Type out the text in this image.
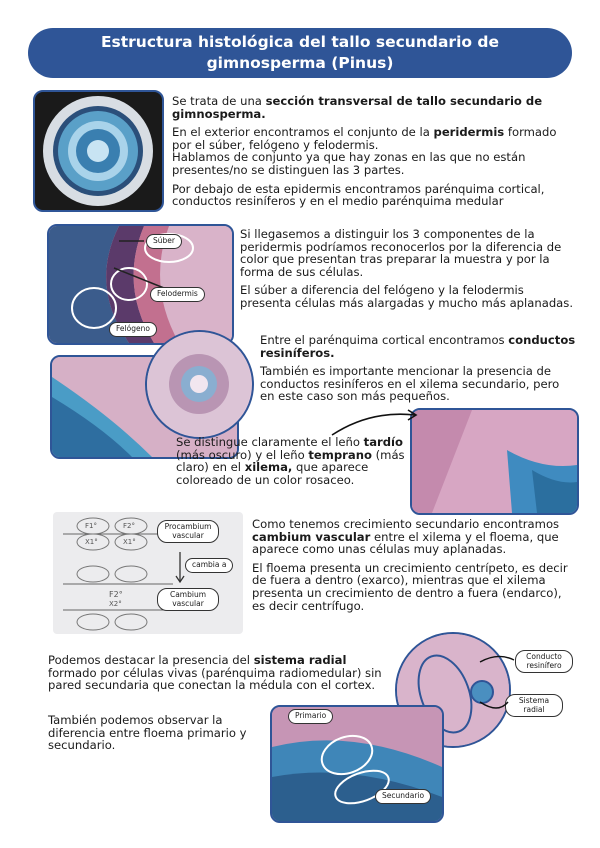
Estructura histológica del tallo secundario de gimnosperma (Pinus)

Se trata de una sección transversal de tallo secundario de gimnosperma.

En el exterior encontramos el conjunto de la peridermis formado por el súber, felógeno y felodermis.
Hablamos de conjunto ya que hay zonas en las que no están presentes/no se distinguen las 3 partes.

Por debajo de esta epidermis encontramos parénquima cortical, conductos resiníferos y en el medio parénquima medular

Súber
Felodermis
Felógeno

Si llegasemos a distinguir los 3 componentes de la peridermis podríamos reconocerlos por la diferencia de color que presentan tras preparar la muestra y por la forma de sus células.

El súber a diferencia del felógeno y la felodermis presenta células más alargadas y mucho más aplanadas.

Entre el parénquima cortical encontramos conductos resiníferos.

También es importante mencionar la presencia de conductos resiníferos en el xilema secundario, pero en este caso son más pequeños.

Se distingue claramente el leño tardío (más oscuro) y el leño temprano (más claro) en el xilema, que aparece coloreado de un color rosaceo.

F1°	F2°
X1°	X1°
F2°
X2°
Procambium vascular
cambia a
Cambium vascular

Como tenemos crecimiento secundario encontramos cambium vascular entre el xilema y el floema, que aparece como unas células muy aplanadas.

El floema presenta un crecimiento centrípeto, es decir de fuera a dentro (exarco), mientras que el xilema presenta un crecimiento de dentro a fuera (endarco), es decir centrífugo.

Podemos destacar la presencia del sistema radial formado por células vivas (parénquima radiomedular) sin pared secundaria que conectan la médula con el cortex.

También podemos observar la diferencia entre floema primario y secundario.

Conducto resinífero
Sistema radial
Primario
Secundario
